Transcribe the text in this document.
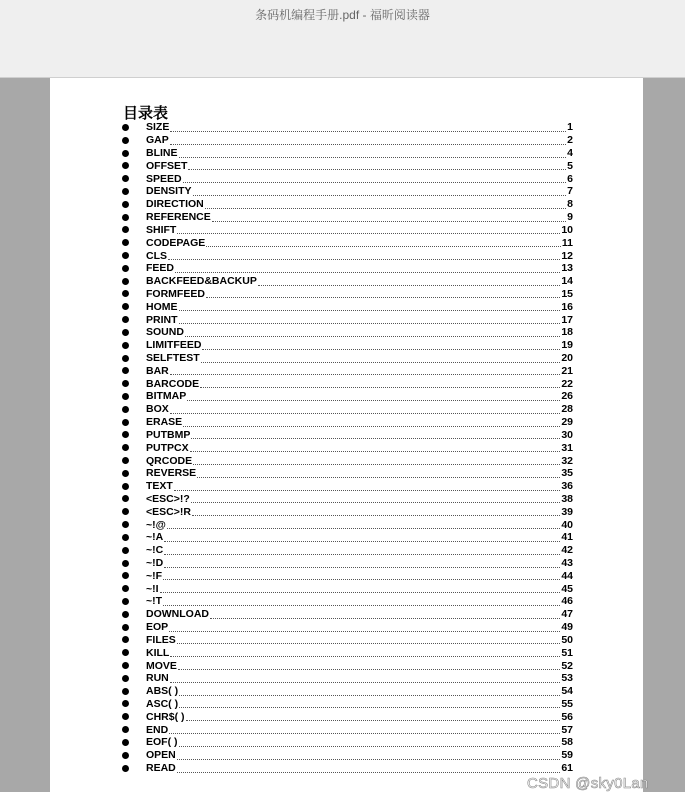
条码机编程手册.pdf - 福昕阅读器
目录表
SIZE	1
GAP	2
BLINE	4
OFFSET	5
SPEED	6
DENSITY	7
DIRECTION	8
REFERENCE	9
SHIFT	10
CODEPAGE	11
CLS	12
FEED	13
BACKFEED&BACKUP	14
FORMFEED	15
HOME	16
PRINT	17
SOUND	18
LIMITFEED	19
SELFTEST	20
BAR	21
BARCODE	22
BITMAP	26
BOX	28
ERASE	29
PUTBMP	30
PUTPCX	31
QRCODE	32
REVERSE	35
TEXT	36
<ESC>!?	38
<ESC>!R	39
~!@	40
~!A	41
~!C	42
~!D	43
~!F	44
~!I	45
~!T	46
DOWNLOAD	47
EOP	49
FILES	50
KILL	51
MOVE	52
RUN	53
ABS( )	54
ASC( )	55
CHR$( )	56
END	57
EOF( )	58
OPEN	59
READ	61
CSDN @sky0Lan
